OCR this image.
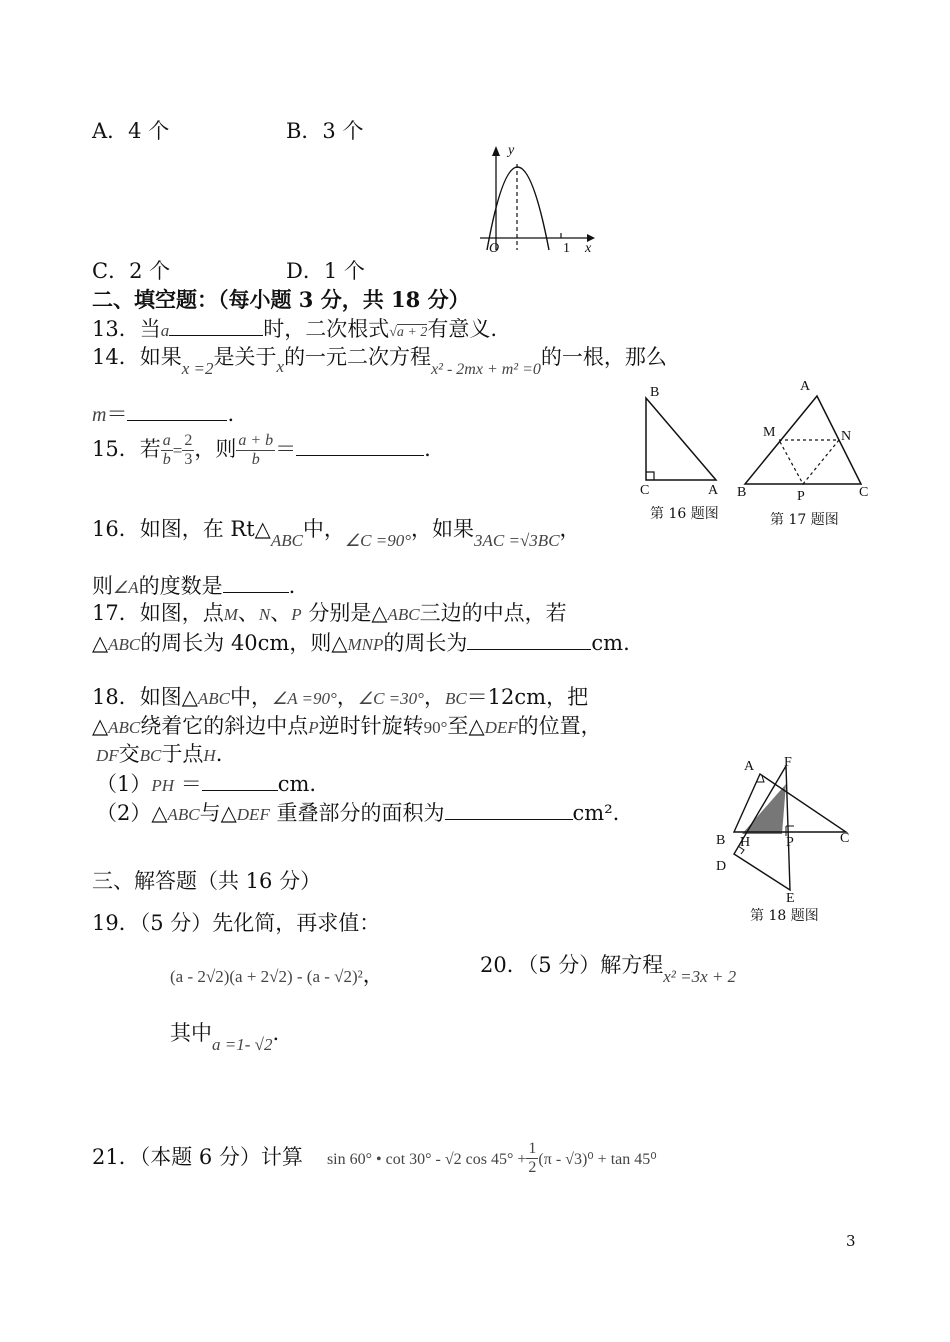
A．4 个	B．3 个
y
O	1 x
C．2 个	D．1 个
二、填空题：（每小题 3 分，共 18 分）
13．当a	时，二次根式√a + 2有意义.
14．如果$_{x =2}$是关于$_x$的一元二次方程$_{x^2 - 2mx + m^2 =0}$的一根，那么
m＝	.
15．若 $\frac{a}{b} = \frac{2}{3}$ ，则 $\frac{a + b}{b}$ ＝	.
B
C	A
第 16 题图
A
M	N
B	P	C
第 17 题图
16．如图，在 $Rt\triangle_{ABC}$中，$_{\angle C =90^\circ}$，如果$_{3AC =√3BC}$，
则∠A的度数是	.
17．如图，点M、N、P 分别是△ABC三边的中点，若
△ABC的周长为 40cm，则△MNP的周长为	cm.
18．如图△ABC中，∠A =90°，∠C =30°，BC＝12cm，把
△ABC绕着它的斜边中点P逆时针旋转90°至△DEF的位置，
DF交BC于点H.
（1）PH ＝	cm.
（2）△ABC与△DEF 重叠部分的面积为	cm².
A F
B H	P	C
D
E
第 18 题图
三、解答题（共 16 分）
19．（5 分）先化简，再求值：
(a - 2√2)(a + 2√2) - (a - √2)²，	20．（5 分）解方程$_{x^2 =3x + 2}$
其中$_{a =1- √2}$.
21．（本题 6 分）计算 sin 60° • cot 30° - √2 $\cos 45^\circ + \frac{1}{2} (\pi - √3)^0 + \tan 45^0$
3
